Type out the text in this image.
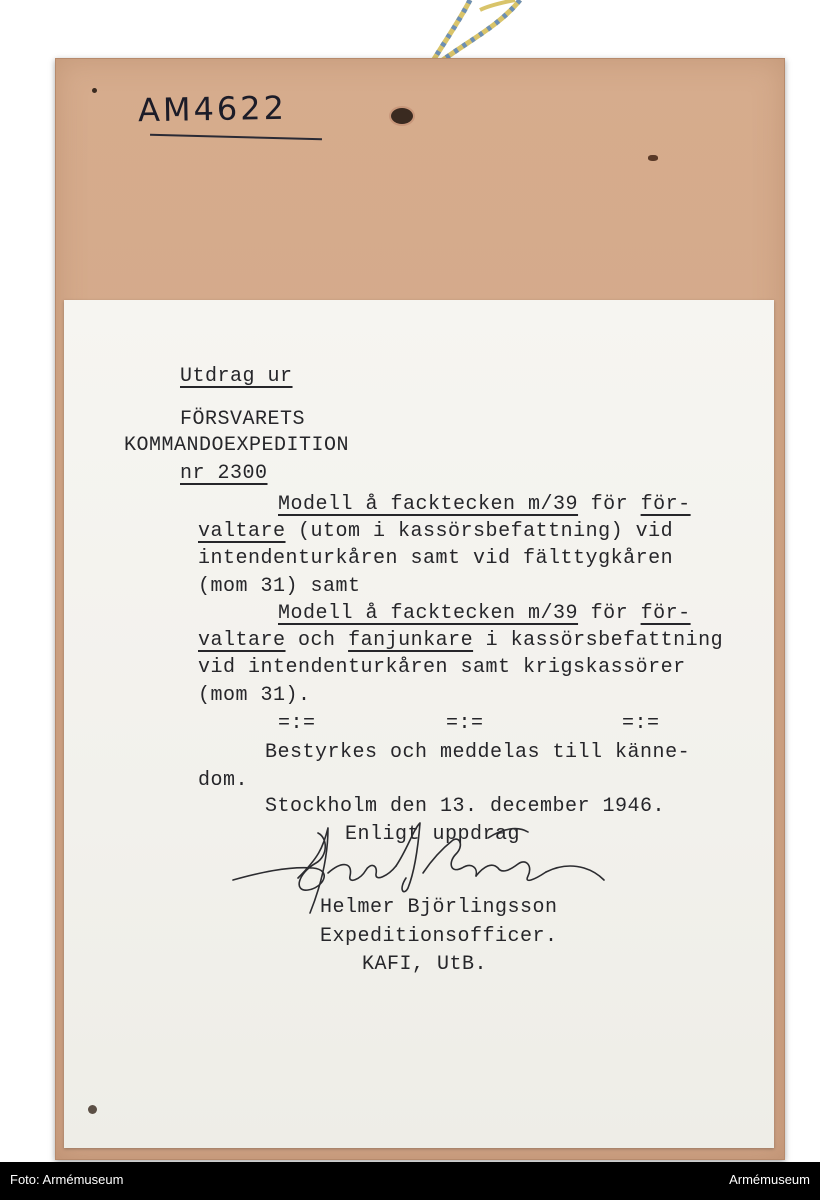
AM4622
Utdrag ur
FÖRSVARETS
KOMMANDOEXPEDITION
nr 2300
Modell å facktecken m/39 för för-
valtare (utom i kassörsbefattning) vid
intendenturkåren samt vid fälttygkåren
(mom 31) samt
Modell å facktecken m/39 för för-
valtare och fanjunkare i kassörsbefattning
vid intendenturkåren samt krigskassörer
(mom 31).
=:=	=:=	=:=
Bestyrkes och meddelas till känne-
dom.
Stockholm den 13. december 1946.
Enligt uppdrag
Helmer Björlingsson
Expeditionsofficer.
KAFI, UtB.
Foto: Armémuseum	Armémuseum
